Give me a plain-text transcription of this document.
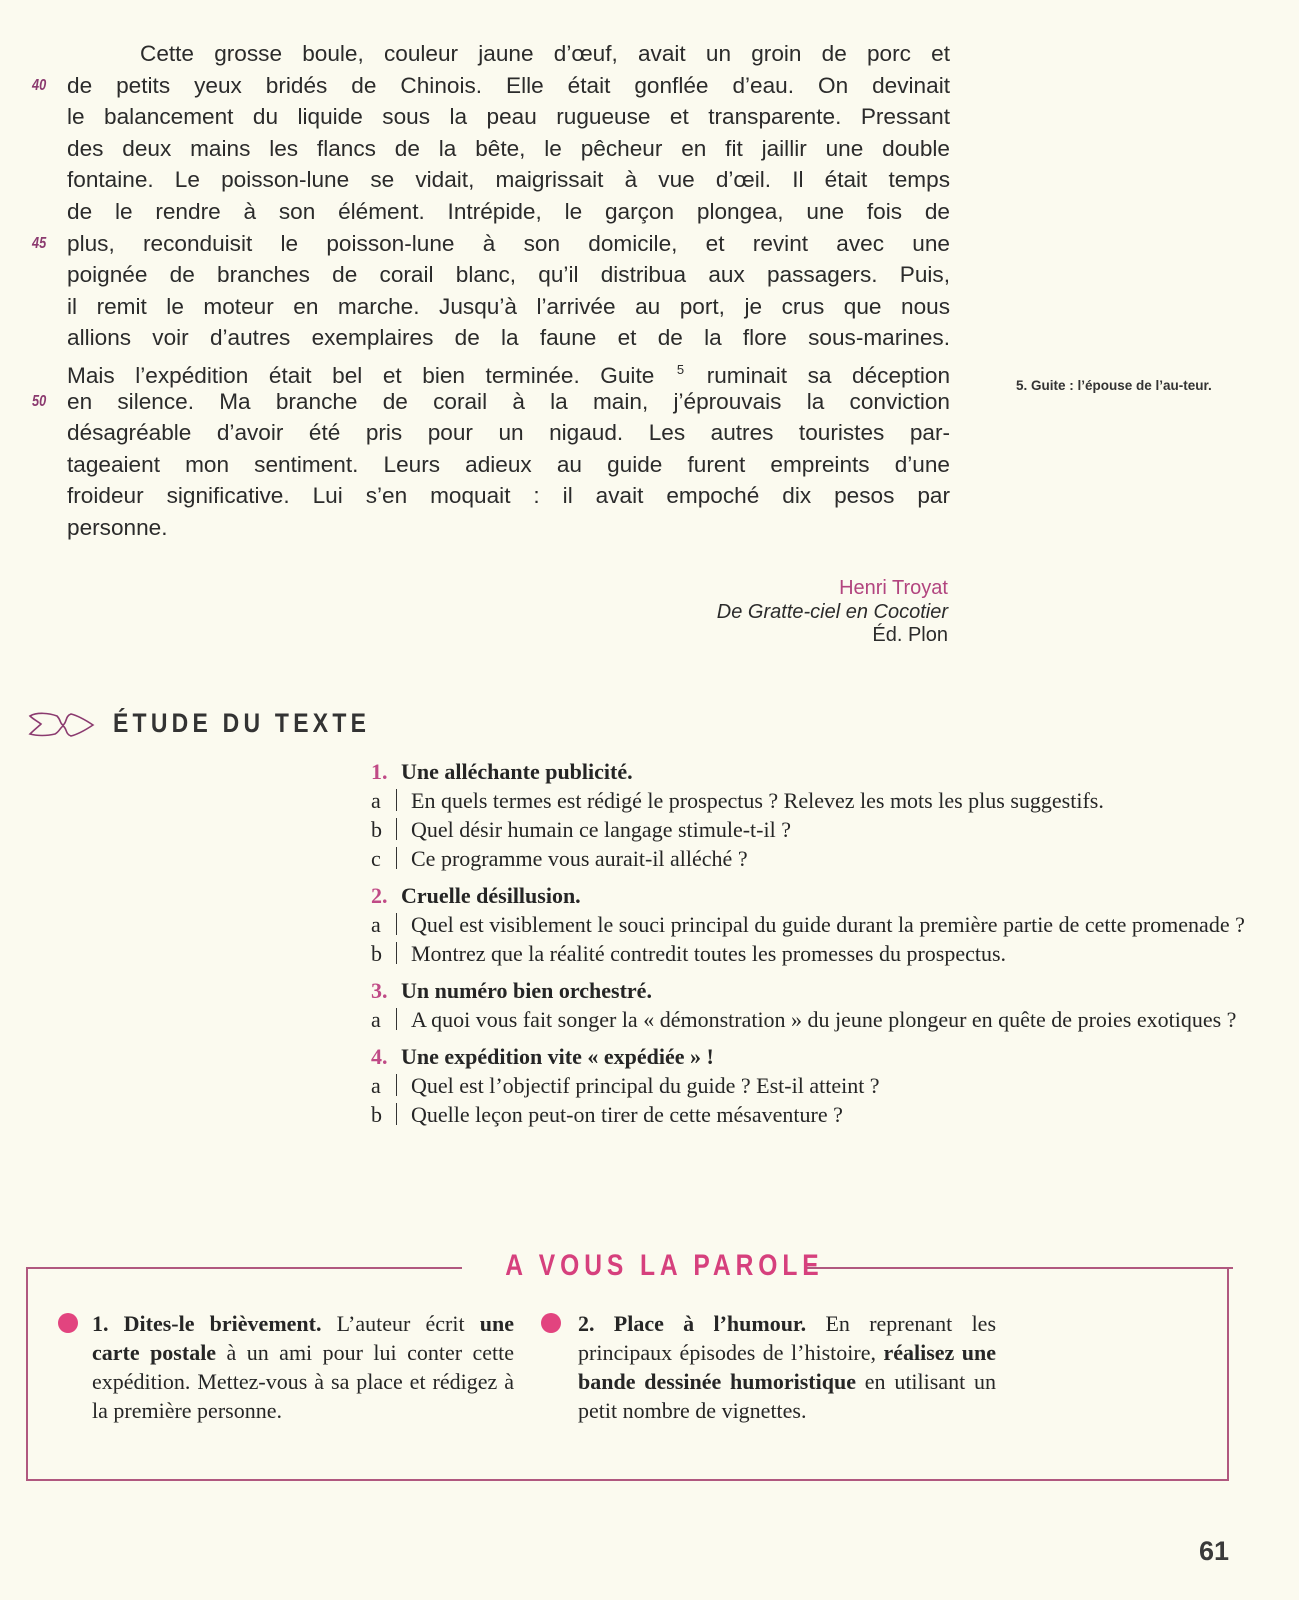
Cette grosse boule, couleur jaune d’œuf, avait un groin de porc et
40 de petits yeux bridés de Chinois. Elle était gonflée d’eau. On devinait
le balancement du liquide sous la peau rugueuse et transparente. Pressant
des deux mains les flancs de la bête, le pêcheur en fit jaillir une double
fontaine. Le poisson-lune se vidait, maigrissait à vue d’œil. Il était temps
de le rendre à son élément. Intrépide, le garçon plongea, une fois de
45 plus, reconduisit le poisson-lune à son domicile, et revint avec une
poignée de branches de corail blanc, qu’il distribua aux passagers. Puis,
il remit le moteur en marche. Jusqu’à l’arrivée au port, je crus que nous
allions voir d’autres exemplaires de la faune et de la flore sous-marines.
Mais l’expédition était bel et bien terminée. Guite $^5$ ruminait sa déception
50 en silence. Ma branche de corail à la main, j’éprouvais la conviction
désagréable d’avoir été pris pour un nigaud. Les autres touristes par-
tageaient mon sentiment. Leurs adieux au guide furent empreints d’une
froideur significative. Lui s’en moquait : il avait empoché dix pesos par
personne.
5. Guite : l’épouse de l’au-teur.
Henri Troyat
De Gratte-ciel en Cocotier
Éd. Plon
ÉTUDE DU TEXTE
1. Une alléchante publicité.
a	En quels termes est rédigé le prospectus ? Relevez les mots les plus suggestifs.
b	Quel désir humain ce langage stimule-t-il ?
c	Ce programme vous aurait-il alléché ?
2. Cruelle désillusion.
a	Quel est visiblement le souci principal du guide durant la première partie de cette promenade ?
b	Montrez que la réalité contredit toutes les promesses du prospectus.
3. Un numéro bien orchestré.
a	A quoi vous fait songer la « démonstration » du jeune plongeur en quête de proies exotiques ?
4. Une expédition vite « expédiée » !
a	Quel est l’objectif principal du guide ? Est-il atteint ?
b	Quelle leçon peut-on tirer de cette mésaventure ?
A VOUS LA PAROLE
1. Dites-le brièvement. L’auteur écrit une carte postale à un ami pour lui conter cette expédition. Mettez-vous à sa place et rédigez à la première personne.
2. Place à l’humour. En reprenant les principaux épisodes de l’histoire, réalisez une bande dessinée humoristique en utilisant un petit nombre de vignettes.
61
